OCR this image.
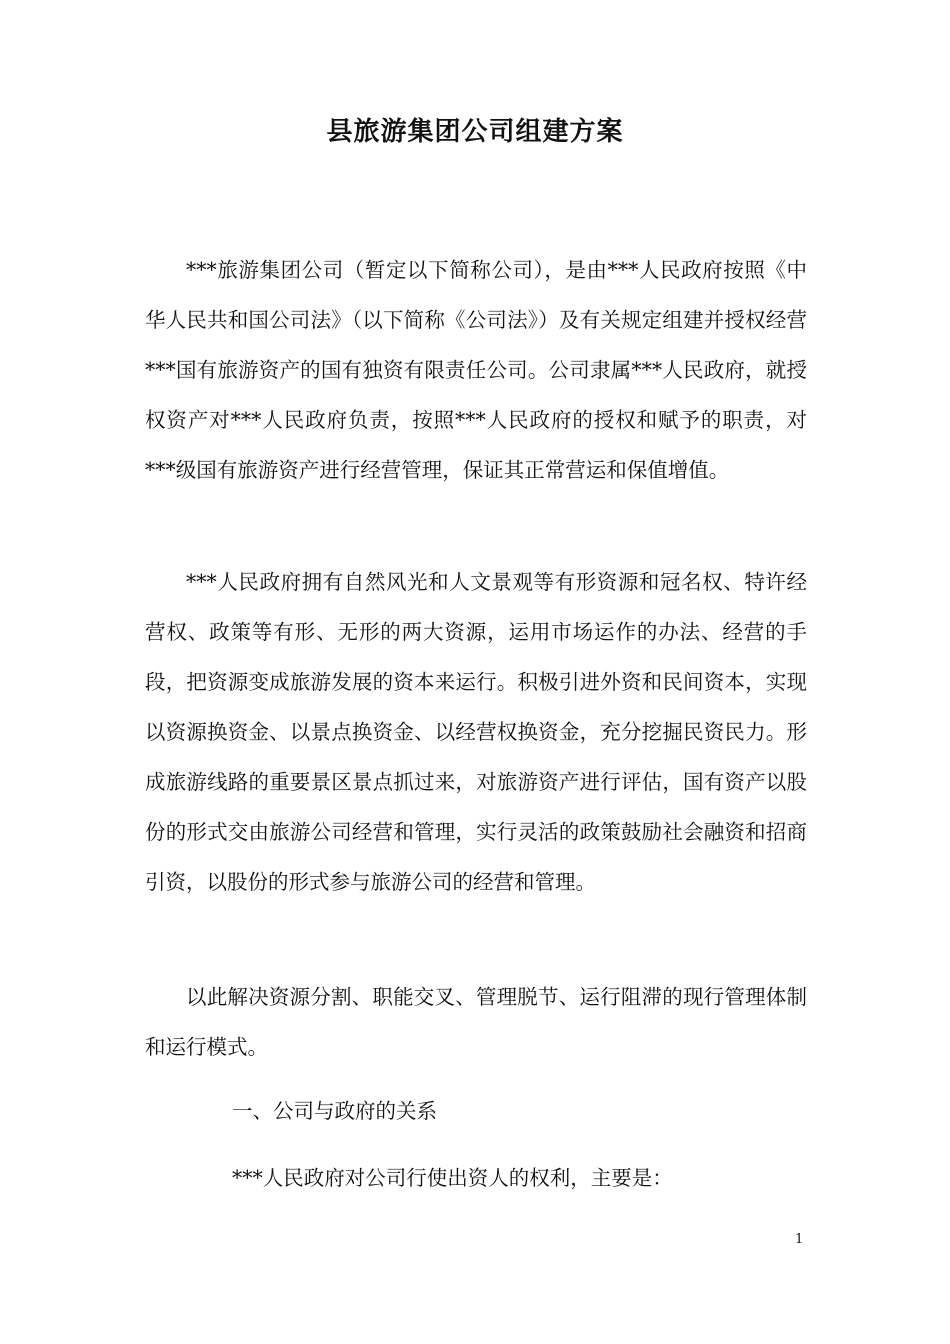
县旅游集团公司组建方案

***旅游集团公司（暂定以下简称公司），是由***人民政府按照《中华人民共和国公司法》（以下简称《公司法》）及有关规定组建并授权经营***国有旅游资产的国有独资有限责任公司。公司隶属***人民政府，就授权资产对***人民政府负责，按照***人民政府的授权和赋予的职责，对***级国有旅游资产进行经营管理，保证其正常营运和保值增值。

***人民政府拥有自然风光和人文景观等有形资源和冠名权、特许经营权、政策等有形、无形的两大资源，运用市场运作的办法、经营的手段，把资源变成旅游发展的资本来运行。积极引进外资和民间资本，实现以资源换资金、以景点换资金、以经营权换资金，充分挖掘民资民力。形成旅游线路的重要景区景点抓过来，对旅游资产进行评估，国有资产以股份的形式交由旅游公司经营和管理，实行灵活的政策鼓励社会融资和招商引资，以股份的形式参与旅游公司的经营和管理。

以此解决资源分割、职能交叉、管理脱节、运行阻滞的现行管理体制和运行模式。

一、公司与政府的关系

***人民政府对公司行使出资人的权利，主要是：

1
